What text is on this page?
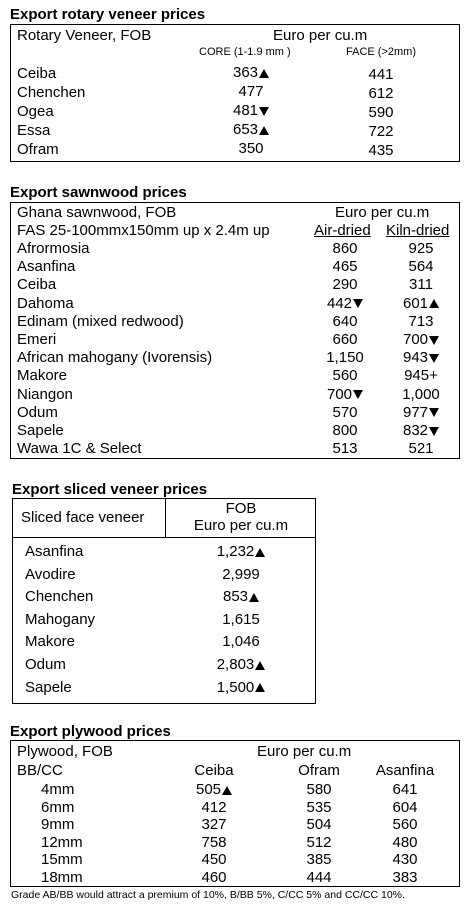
Export rotary veneer prices
Rotary Veneer, FOB	Euro per cu.m
CORE (1-1.9 mm )	FACE (>2mm)
Ceiba	363	441
Chenchen	477	612
Ogea	481	590
Essa	653	722
Ofram	350	435
Export sawnwood prices
Ghana sawnwood, FOB	Euro per cu.m
FAS 25-100mmx150mm up x 2.4m up	Air-dried Kiln-dried
Afrormosia	860	925
Asanfina	465	564
Ceiba	290	311
Dahoma	442	601
Edinam (mixed redwood)	640	713
Emeri	660	700
African mahogany (Ivorensis)	1,150	943
Makore	560	945+
Niangon	700	1,000
Odum	570	977
Sapele	800	832
Wawa 1C & Select	513	521
Export sliced veneer prices
Sliced face veneer
FOB
Euro per cu.m
Asanfina	1,232
Avodire	2,999
Chenchen	853
Mahogany	1,615
Makore	1,046
Odum	2,803
Sapele	1,500
Export plywood prices
Plywood, FOB	Euro per cu.m
BB/CC	Ceiba	Ofram	Asanfina
4mm	505	580	641
6mm	412	535	604
9mm	327	504	560
12mm	758	512	480
15mm	450	385	430
18mm	460	444	383
Grade AB/BB would attract a premium of 10%, B/BB 5%, C/CC 5% and CC/CC 10%.
